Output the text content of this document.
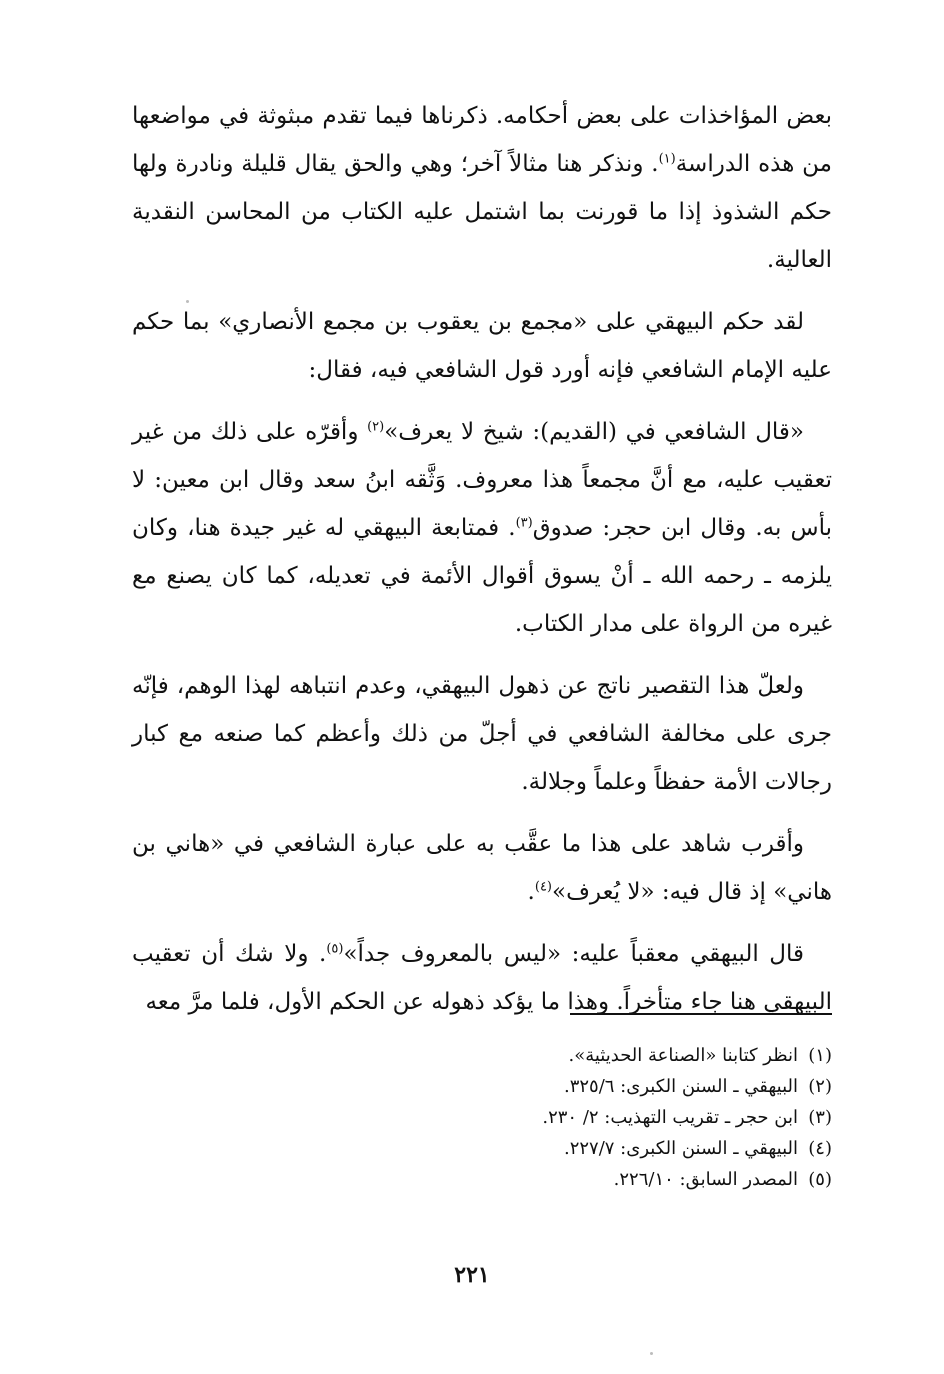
بعض المؤاخذات على بعض أحكامه. ذكرناها فيما تقدم مبثوثة في مواضعها من هذه الدراسة$^{(١)}$. ونذكر هنا مثالاً آخر؛ وهي والحق يقال قليلة ونادرة ولها حكم الشذوذ إذا ما قورنت بما اشتمل عليه الكتاب من المحاسن النقدية العالية.

لقد حكم البيهقي على «مجمع بن يعقوب بن مجمع الأنصاري» بما حكم عليه الإمام الشافعي فإنه أورد قول الشافعي فيه، فقال:

«قال الشافعي في (القديم): شيخ لا يعرف»$^{(٢)}$ وأقرّه على ذلك من غير تعقيب عليه، مع أنَّ مجمعاً هذا معروف. وَثَّقه ابنُ سعد وقال ابن معين: لا بأس به. وقال ابن حجر: صدوق$^{(٣)}$. فمتابعة البيهقي له غير جيدة هنا، وكان يلزمه ـ رحمه الله ـ أنْ يسوق أقوال الأئمة في تعديله، كما كان يصنع مع غيره من الرواة على مدار الكتاب.

ولعلّ هذا التقصير ناتج عن ذهول البيهقي، وعدم انتباهه لهذا الوهم، فإنّه جرى على مخالفة الشافعي في أجلّ من ذلك وأعظم كما صنعه مع كبار رجالات الأمة حفظاً وعلماً وجلالة.

وأقرب شاهد على هذا ما عقَّب به على عبارة الشافعي في «هاني بن هاني» إذ قال فيه: «لا يُعرف»$^{(٤)}$.

قال البيهقي معقباً عليه: «ليس بالمعروف جداً»$^{(٥)}$. ولا شك أن تعقيب البيهقي هنا جاء متأخراً. وهذا ما يؤكد ذهوله عن الحكم الأول، فلما مرَّ معه

(١)انظر كتابنا «الصناعة الحديثية».
(٢)البيهقي ـ السنن الكبرى: ٣٢٥/٦.
(٣)ابن حجر ـ تقريب التهذيب: ٢/ ٢٣٠.
(٤)البيهقي ـ السنن الكبرى: ٢٢٧/٧.
(٥)المصدر السابق: ٢٢٦/١٠.
٢٢١
